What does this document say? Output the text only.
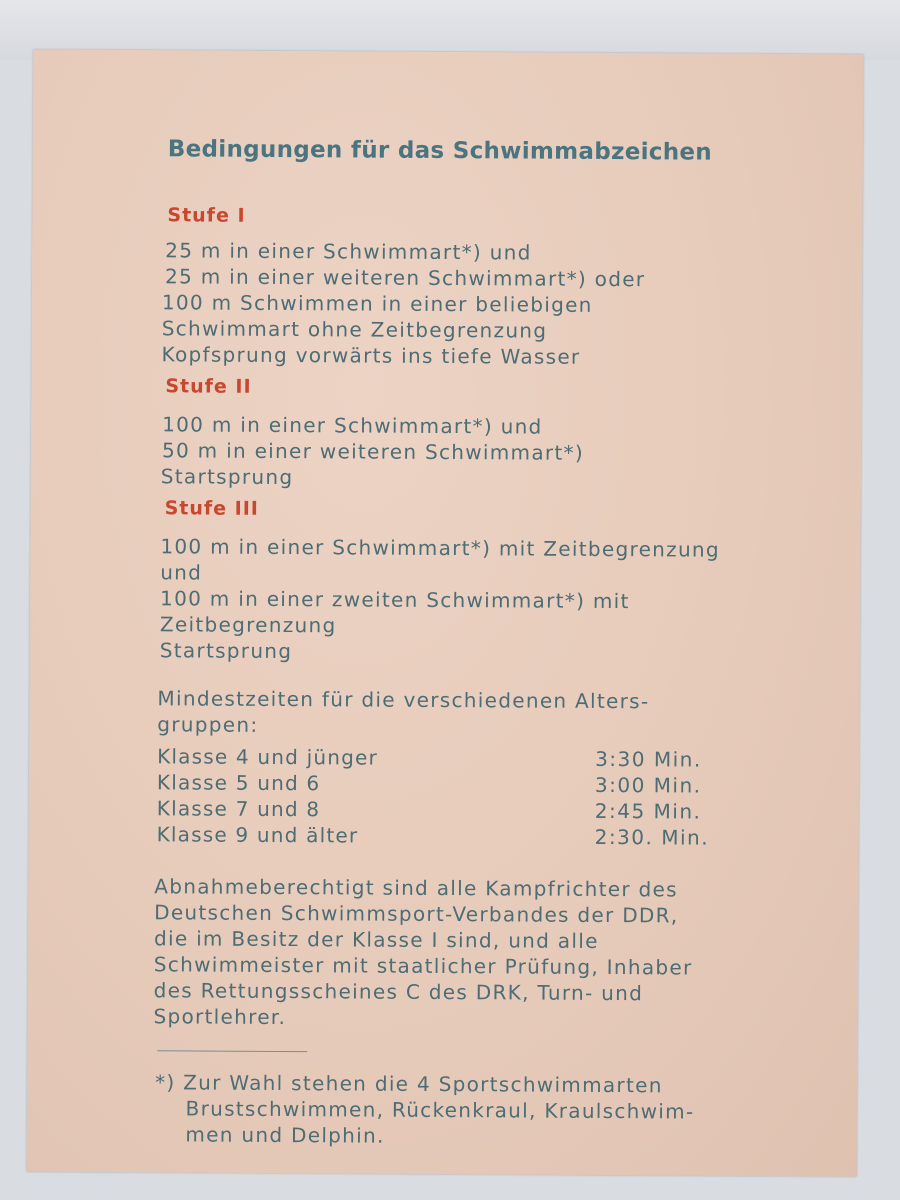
Bedingungen für das Schwimmabzeichen
Stufe I
25 m in einer Schwimmart*) und
25 m in einer weiteren Schwimmart*) oder
100 m Schwimmen in einer beliebigen
Schwimmart ohne Zeitbegrenzung
Kopfsprung vorwärts ins tiefe Wasser
Stufe II
100 m in einer Schwimmart*) und
50 m in einer weiteren Schwimmart*)
Startsprung
Stufe III
100 m in einer Schwimmart*) mit Zeitbegrenzung
und
100 m in einer zweiten Schwimmart*) mit
Zeitbegrenzung
Startsprung
Mindestzeiten für die verschiedenen Alters-
gruppen:
Klasse 4 und jünger	3:30 Min.
Klasse 5 und 6	3:00 Min.
Klasse 7 und 8	2:45 Min.
Klasse 9 und älter	2:30. Min.
Abnahmeberechtigt sind alle Kampfrichter des
Deutschen Schwimmsport-Verbandes der DDR,
die im Besitz der Klasse I sind, und alle
Schwimmeister mit staatlicher Prüfung, Inhaber
des Rettungsscheines C des DRK, Turn- und
Sportlehrer.
*) Zur Wahl stehen die 4 Sportschwimmarten
Brustschwimmen, Rückenkraul, Kraulschwim-
men und Delphin.
